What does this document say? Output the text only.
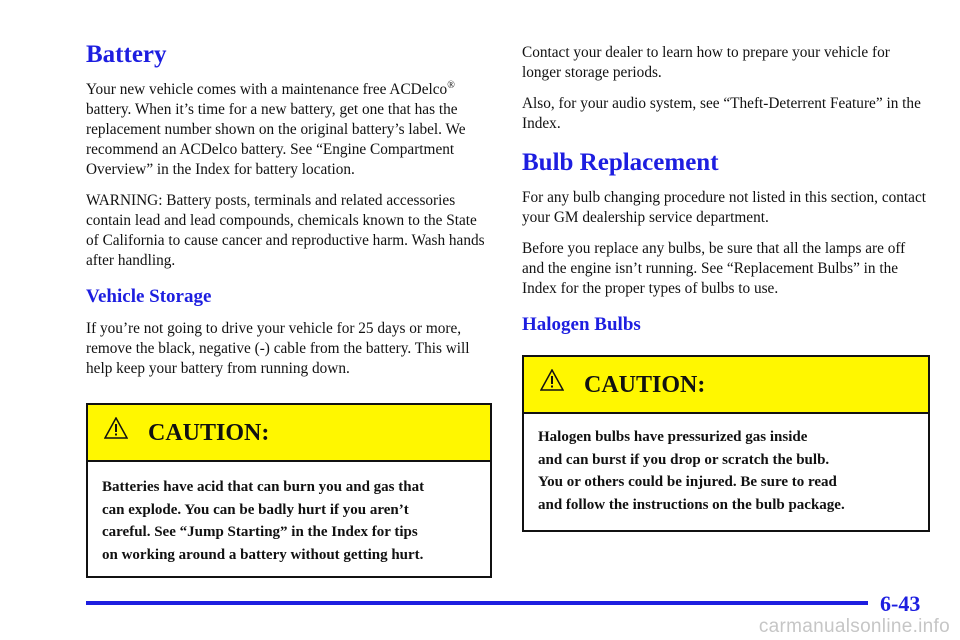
Battery

Your new vehicle comes with a maintenance free ACDelco® battery. When it’s time for a new battery, get one that has the replacement number shown on the original battery’s label. We recommend an ACDelco battery. See “Engine Compartment Overview” in the Index for battery location.

WARNING: Battery posts, terminals and related accessories contain lead and lead compounds, chemicals known to the State of California to cause cancer and reproductive harm. Wash hands after handling.

Vehicle Storage

If you’re not going to drive your vehicle for 25 days or more, remove the black, negative (-) cable from the battery. This will help keep your battery from running down.

CAUTION:
Batteries have acid that can burn you and gas that
can explode. You can be badly hurt if you aren’t
careful. See “Jump Starting” in the Index for tips
on working around a battery without getting hurt.

Contact your dealer to learn how to prepare your vehicle for longer storage periods.

Also, for your audio system, see “Theft-Deterrent Feature” in the Index.

Bulb Replacement

For any bulb changing procedure not listed in this section, contact your GM dealership service department.

Before you replace any bulbs, be sure that all the lamps are off and the engine isn’t running. See “Replacement Bulbs” in the Index for the proper types of bulbs to use.

Halogen Bulbs
CAUTION:
Halogen bulbs have pressurized gas inside
and can burst if you drop or scratch the bulb.
You or others could be injured. Be sure to read
and follow the instructions on the bulb package.
6-43
carmanualsonline.info
